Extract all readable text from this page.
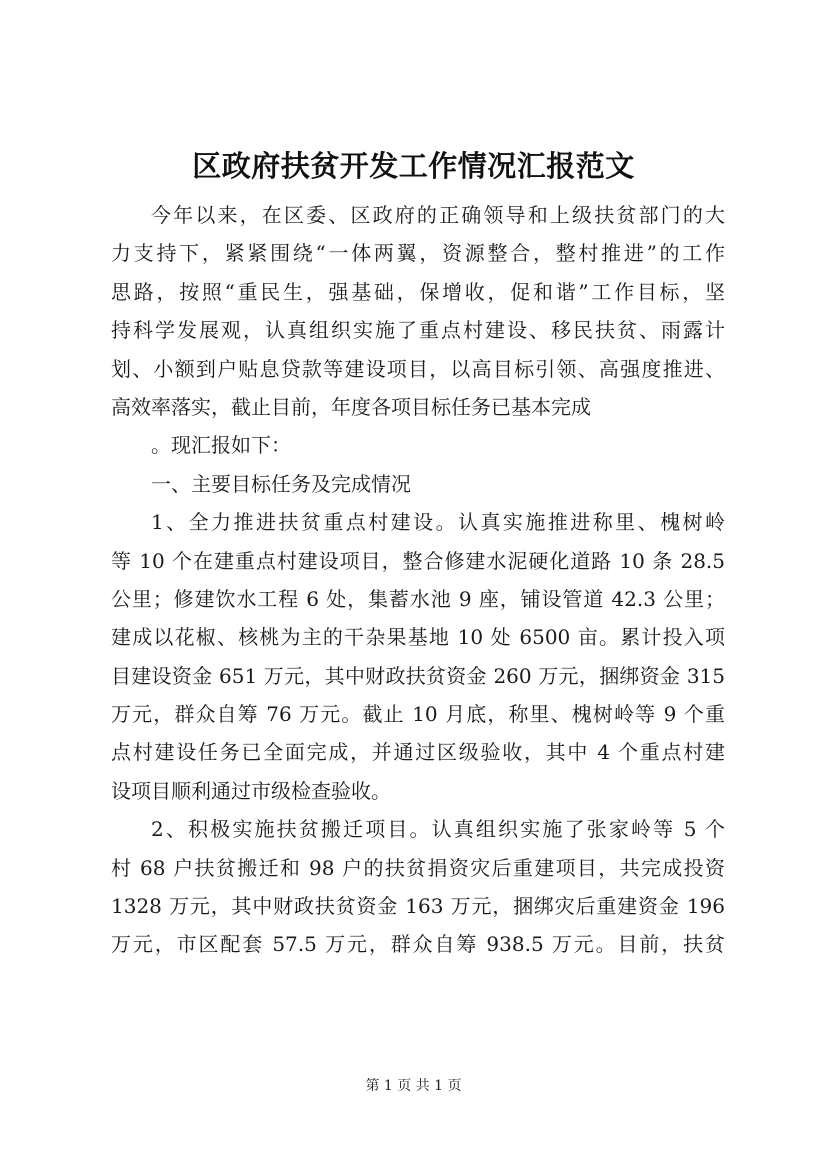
区政府扶贫开发工作情况汇报范文
今年以来，在区委、区政府的正确领导和上级扶贫部门的大
力支持下，紧紧围绕“一体两翼，资源整合，整村推进”的工作
思路，按照“重民生，强基础，保增收，促和谐”工作目标，坚
持科学发展观，认真组织实施了重点村建设、移民扶贫、雨露计
划、小额到户贴息贷款等建设项目，以高目标引领、高强度推进、
高效率落实，截止目前，年度各项目标任务已基本完成
。现汇报如下：
一、主要目标任务及完成情况
1、全力推进扶贫重点村建设。认真实施推进称里、槐树岭
等 10 个在建重点村建设项目，整合修建水泥硬化道路 10 条 28.5
公里；修建饮水工程 6 处，集蓄水池 9 座，铺设管道 42.3 公里；
建成以花椒、核桃为主的干杂果基地 10 处 6500 亩。累计投入项
目建设资金 651 万元，其中财政扶贫资金 260 万元，捆绑资金 315
万元，群众自筹 76 万元。截止 10 月底，称里、槐树岭等 9 个重
点村建设任务已全面完成，并通过区级验收，其中 4 个重点村建
设项目顺利通过市级检查验收。
2、积极实施扶贫搬迁项目。认真组织实施了张家岭等 5 个
村 68 户扶贫搬迁和 98 户的扶贫捐资灾后重建项目，共完成投资
1328 万元，其中财政扶贫资金 163 万元，捆绑灾后重建资金 196
万元，市区配套 57.5 万元，群众自筹 938.5 万元。目前，扶贫
第 1 页 共 1 页
